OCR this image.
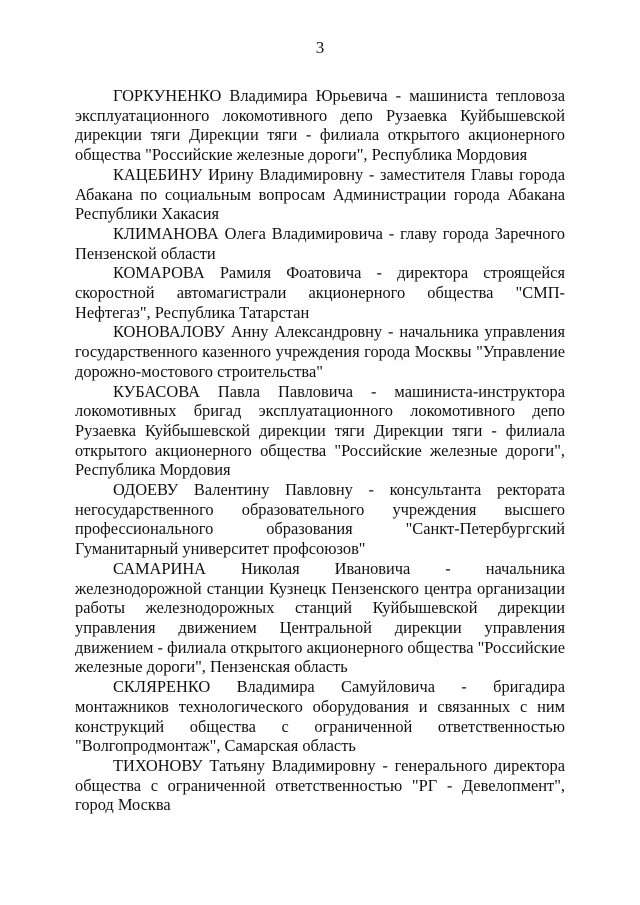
3

ГОРКУНЕНКО Владимира Юрьевича - машиниста тепловоза эксплуатационного локомотивного депо Рузаевка Куйбышевской дирекции тяги Дирекции тяги - филиала открытого акционерного общества "Российские железные дороги", Республика Мордовия

КАЦЕБИНУ Ирину Владимировну - заместителя Главы города Абакана по социальным вопросам Администрации города Абакана Республики Хакасия

КЛИМАНОВА Олега Владимировича - главу города Заречного Пензенской области

КОМАРОВА Рамиля Фоатовича - директора строящейся скоростной автомагистрали акционерного общества "СМП-Нефтегаз", Республика Татарстан

КОНОВАЛОВУ Анну Александровну - начальника управления государственного казенного учреждения города Москвы "Управление дорожно-мостового строительства"

КУБАСОВА Павла Павловича - машиниста-инструктора локомотивных бригад эксплуатационного локомотивного депо Рузаевка Куйбышевской дирекции тяги Дирекции тяги - филиала открытого акционерного общества "Российские железные дороги", Республика Мордовия

ОДОЕВУ Валентину Павловну - консультанта ректората негосударственного образовательного учреждения высшего профессионального образования "Санкт-Петербургский Гуманитарный университет профсоюзов"

САМАРИНА Николая Ивановича - начальника железнодорожной станции Кузнецк Пензенского центра организации работы железнодорожных станций Куйбышевской дирекции управления движением Центральной дирекции управления движением - филиала открытого акционерного общества "Российские железные дороги", Пензенская область

СКЛЯРЕНКО Владимира Самуйловича - бригадира монтажников технологического оборудования и связанных с ним конструкций общества с ограниченной ответственностью "Волгопродмонтаж", Самарская область

ТИХОНОВУ Татьяну Владимировну - генерального директора общества с ограниченной ответственностью "РГ - Девелопмент", город Москва
